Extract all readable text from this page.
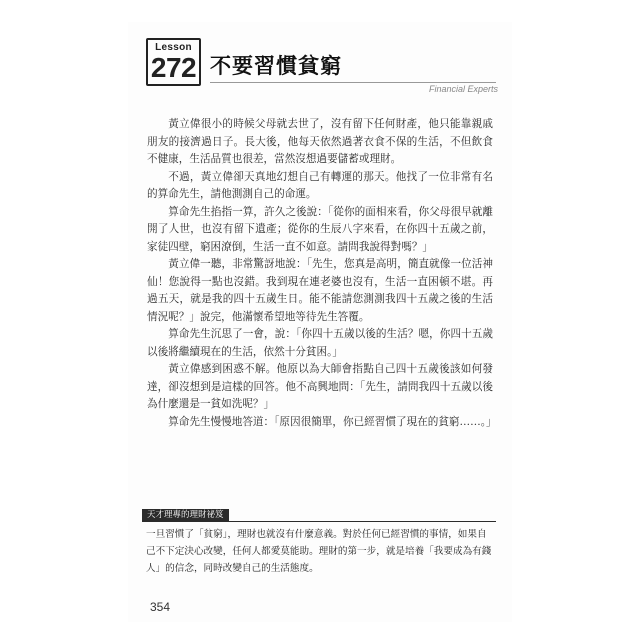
Lesson
272 不要習慣貧窮
Financial Experts

黃立偉很小的時候父母就去世了，沒有留下任何財產，他只能靠親戚朋友的接濟過日子。長大後，他每天依然過著衣食不保的生活，不但飲食不健康，生活品質也很差，當然沒想過要儲蓄或理財。

不過，黃立偉卻天真地幻想自己有轉運的那天。他找了一位非常有名的算命先生，請他測測自己的命運。

算命先生掐指一算，許久之後說：「從你的面相來看，你父母很早就離開了人世，也沒有留下遺產；從你的生辰八字來看，在你四十五歲之前，家徒四壁，窮困潦倒，生活一直不如意。請問我說得對嗎？」

黃立偉一聽，非常驚訝地說：「先生，您真是高明，簡直就像一位活神仙！您說得一點也沒錯。我到現在連老婆也沒有，生活一直困頓不堪。再過五天，就是我的四十五歲生日。能不能請您測測我四十五歲之後的生活情況呢？」說完，他滿懷希望地等待先生答覆。

算命先生沉思了一會，說：「你四十五歲以後的生活？嗯，你四十五歲以後將繼續現在的生活，依然十分貧困。」

黃立偉感到困惑不解。他原以為大師會指點自己四十五歲後該如何發達，卻沒想到是這樣的回答。他不高興地問：「先生，請問我四十五歲以後為什麼還是一貧如洗呢？」

算命先生慢慢地答道：「原因很簡單，你已經習慣了現在的貧窮……。」

天才理專的理財祕笈

一旦習慣了「貧窮」，理財也就沒有什麼意義。對於任何已經習慣的事情，如果自己不下定決心改變，任何人都愛莫能助。理財的第一步，就是培養「我要成為有錢人」的信念，同時改變自己的生活態度。

354
